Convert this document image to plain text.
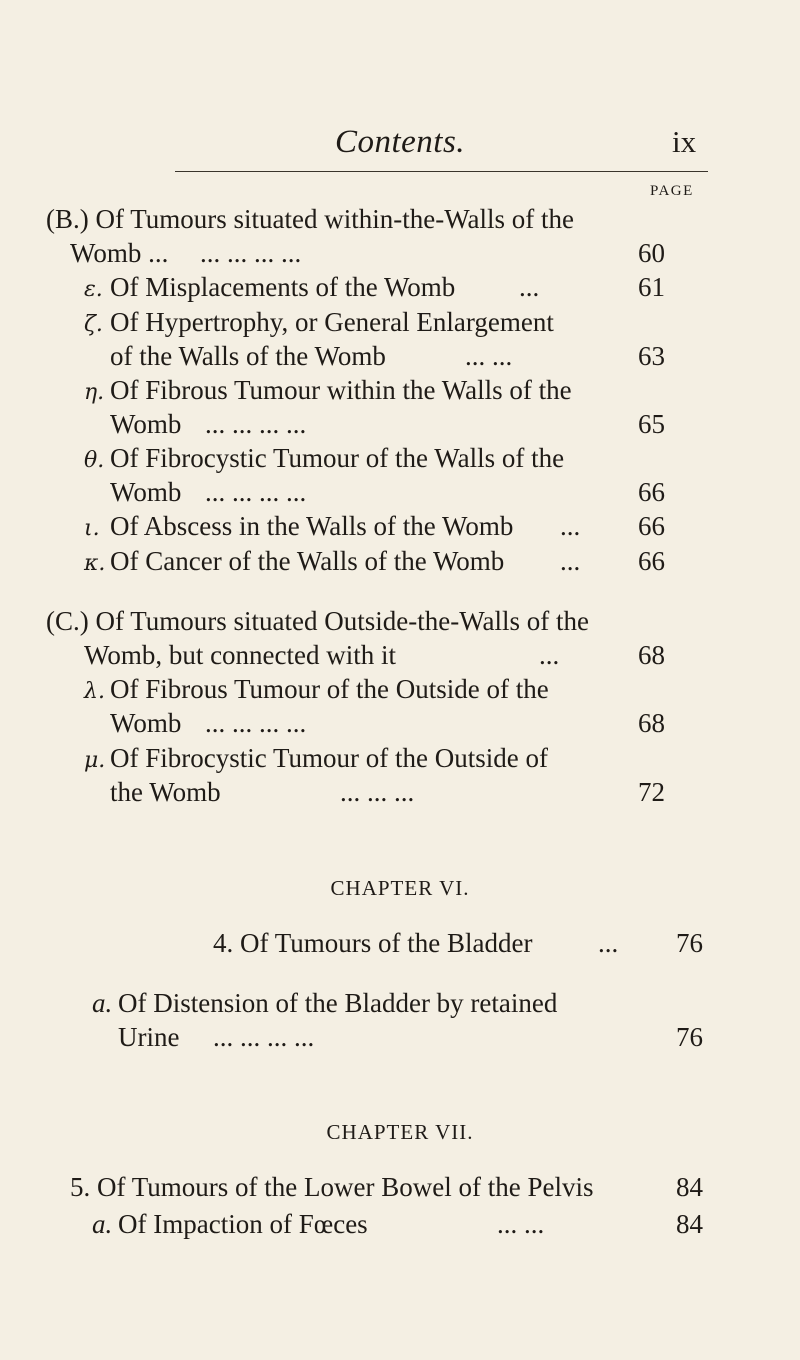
Contents.	ix
PAGE
(B.) Of Tumours situated within-the-Walls of the
Womb ... ... ... ... ...	60
ε. Of Misplacements of the Womb ...	61
ζ. Of Hypertrophy, or General Enlargement
of the Walls of the Womb	... ...	63
η. Of Fibrous Tumour within the Walls of the
Womb ... ... ... ...	65
θ. Of Fibrocystic Tumour of the Walls of the
Womb ... ... ... ...	66
ι. Of Abscess in the Walls of the Womb ... 66
κ. Of Cancer of the Walls of the Womb ... 66
(C.) Of Tumours situated Outside-the-Walls of the
Womb, but connected with it	...	68
λ. Of Fibrous Tumour of the Outside of the
Womb ... ... ... ...	68
μ. Of Fibrocystic Tumour of the Outside of
the Womb	... ... ...	72
CHAPTER VI.
4. Of Tumours of the Bladder ... 76
a. Of Distension of the Bladder by retained
Urine ... ... ... ...	76
CHAPTER VII.
5. Of Tumours of the Lower Bowel of the Pelvis	84
a. Of Impaction of Fœces	... ...	84
